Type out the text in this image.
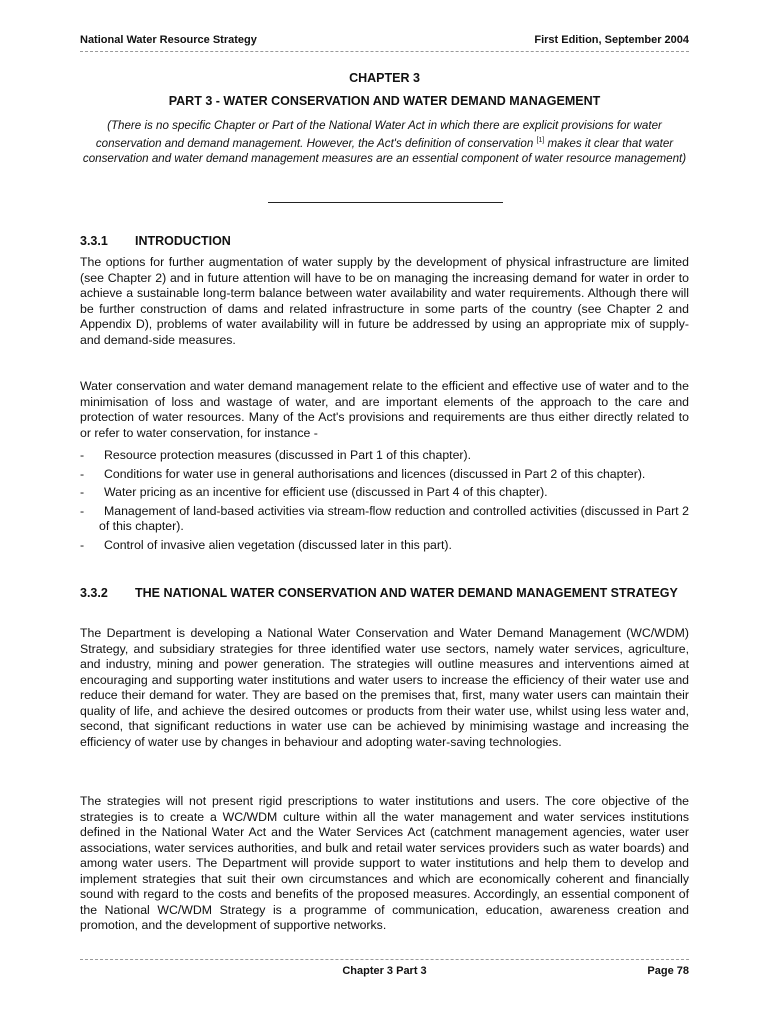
National Water Resource Strategy	First Edition, September 2004
CHAPTER 3
PART 3 - WATER CONSERVATION AND WATER DEMAND MANAGEMENT
(There is no specific Chapter or Part of the National Water Act in which there are explicit provisions for water conservation and demand management. However, the Act's definition of conservation [1] makes it clear that water conservation and water demand management measures are an essential component of water resource management)
3.3.1	INTRODUCTION
The options for further augmentation of water supply by the development of physical infrastructure are limited (see Chapter 2) and in future attention will have to be on managing the increasing demand for water in order to achieve a sustainable long-term balance between water availability and water requirements. Although there will be further construction of dams and related infrastructure in some parts of the country (see Chapter 2 and Appendix D), problems of water availability will in future be addressed by using an appropriate mix of supply- and demand-side measures.
Water conservation and water demand management relate to the efficient and effective use of water and to the minimisation of loss and wastage of water, and are important elements of the approach to the care and protection of water resources. Many of the Act's provisions and requirements are thus either directly related to or refer to water conservation, for instance -
- Resource protection measures (discussed in Part 1 of this chapter).
- Conditions for water use in general authorisations and licences (discussed in Part 2 of this chapter).
- Water pricing as an incentive for efficient use (discussed in Part 4 of this chapter).
- Management of land-based activities via stream-flow reduction and controlled activities (discussed in Part 2 of this chapter).
- Control of invasive alien vegetation (discussed later in this part).
3.3.2	THE NATIONAL WATER CONSERVATION AND WATER DEMAND MANAGEMENT STRATEGY
The Department is developing a National Water Conservation and Water Demand Management (WC/WDM) Strategy, and subsidiary strategies for three identified water use sectors, namely water services, agriculture, and industry, mining and power generation. The strategies will outline measures and interventions aimed at encouraging and supporting water institutions and water users to increase the efficiency of their water use and reduce their demand for water. They are based on the premises that, first, many water users can maintain their quality of life, and achieve the desired outcomes or products from their water use, whilst using less water and, second, that significant reductions in water use can be achieved by minimising wastage and increasing the efficiency of water use by changes in behaviour and adopting water-saving technologies.
The strategies will not present rigid prescriptions to water institutions and users. The core objective of the strategies is to create a WC/WDM culture within all the water management and water services institutions defined in the National Water Act and the Water Services Act (catchment management agencies, water user associations, water services authorities, and bulk and retail water services providers such as water boards) and among water users. The Department will provide support to water institutions and help them to develop and implement strategies that suit their own circumstances and which are economically coherent and financially sound with regard to the costs and benefits of the proposed measures. Accordingly, an essential component of the National WC/WDM Strategy is a programme of communication, education, awareness creation and promotion, and the development of supportive networks.
Chapter 3 Part 3	Page 78
